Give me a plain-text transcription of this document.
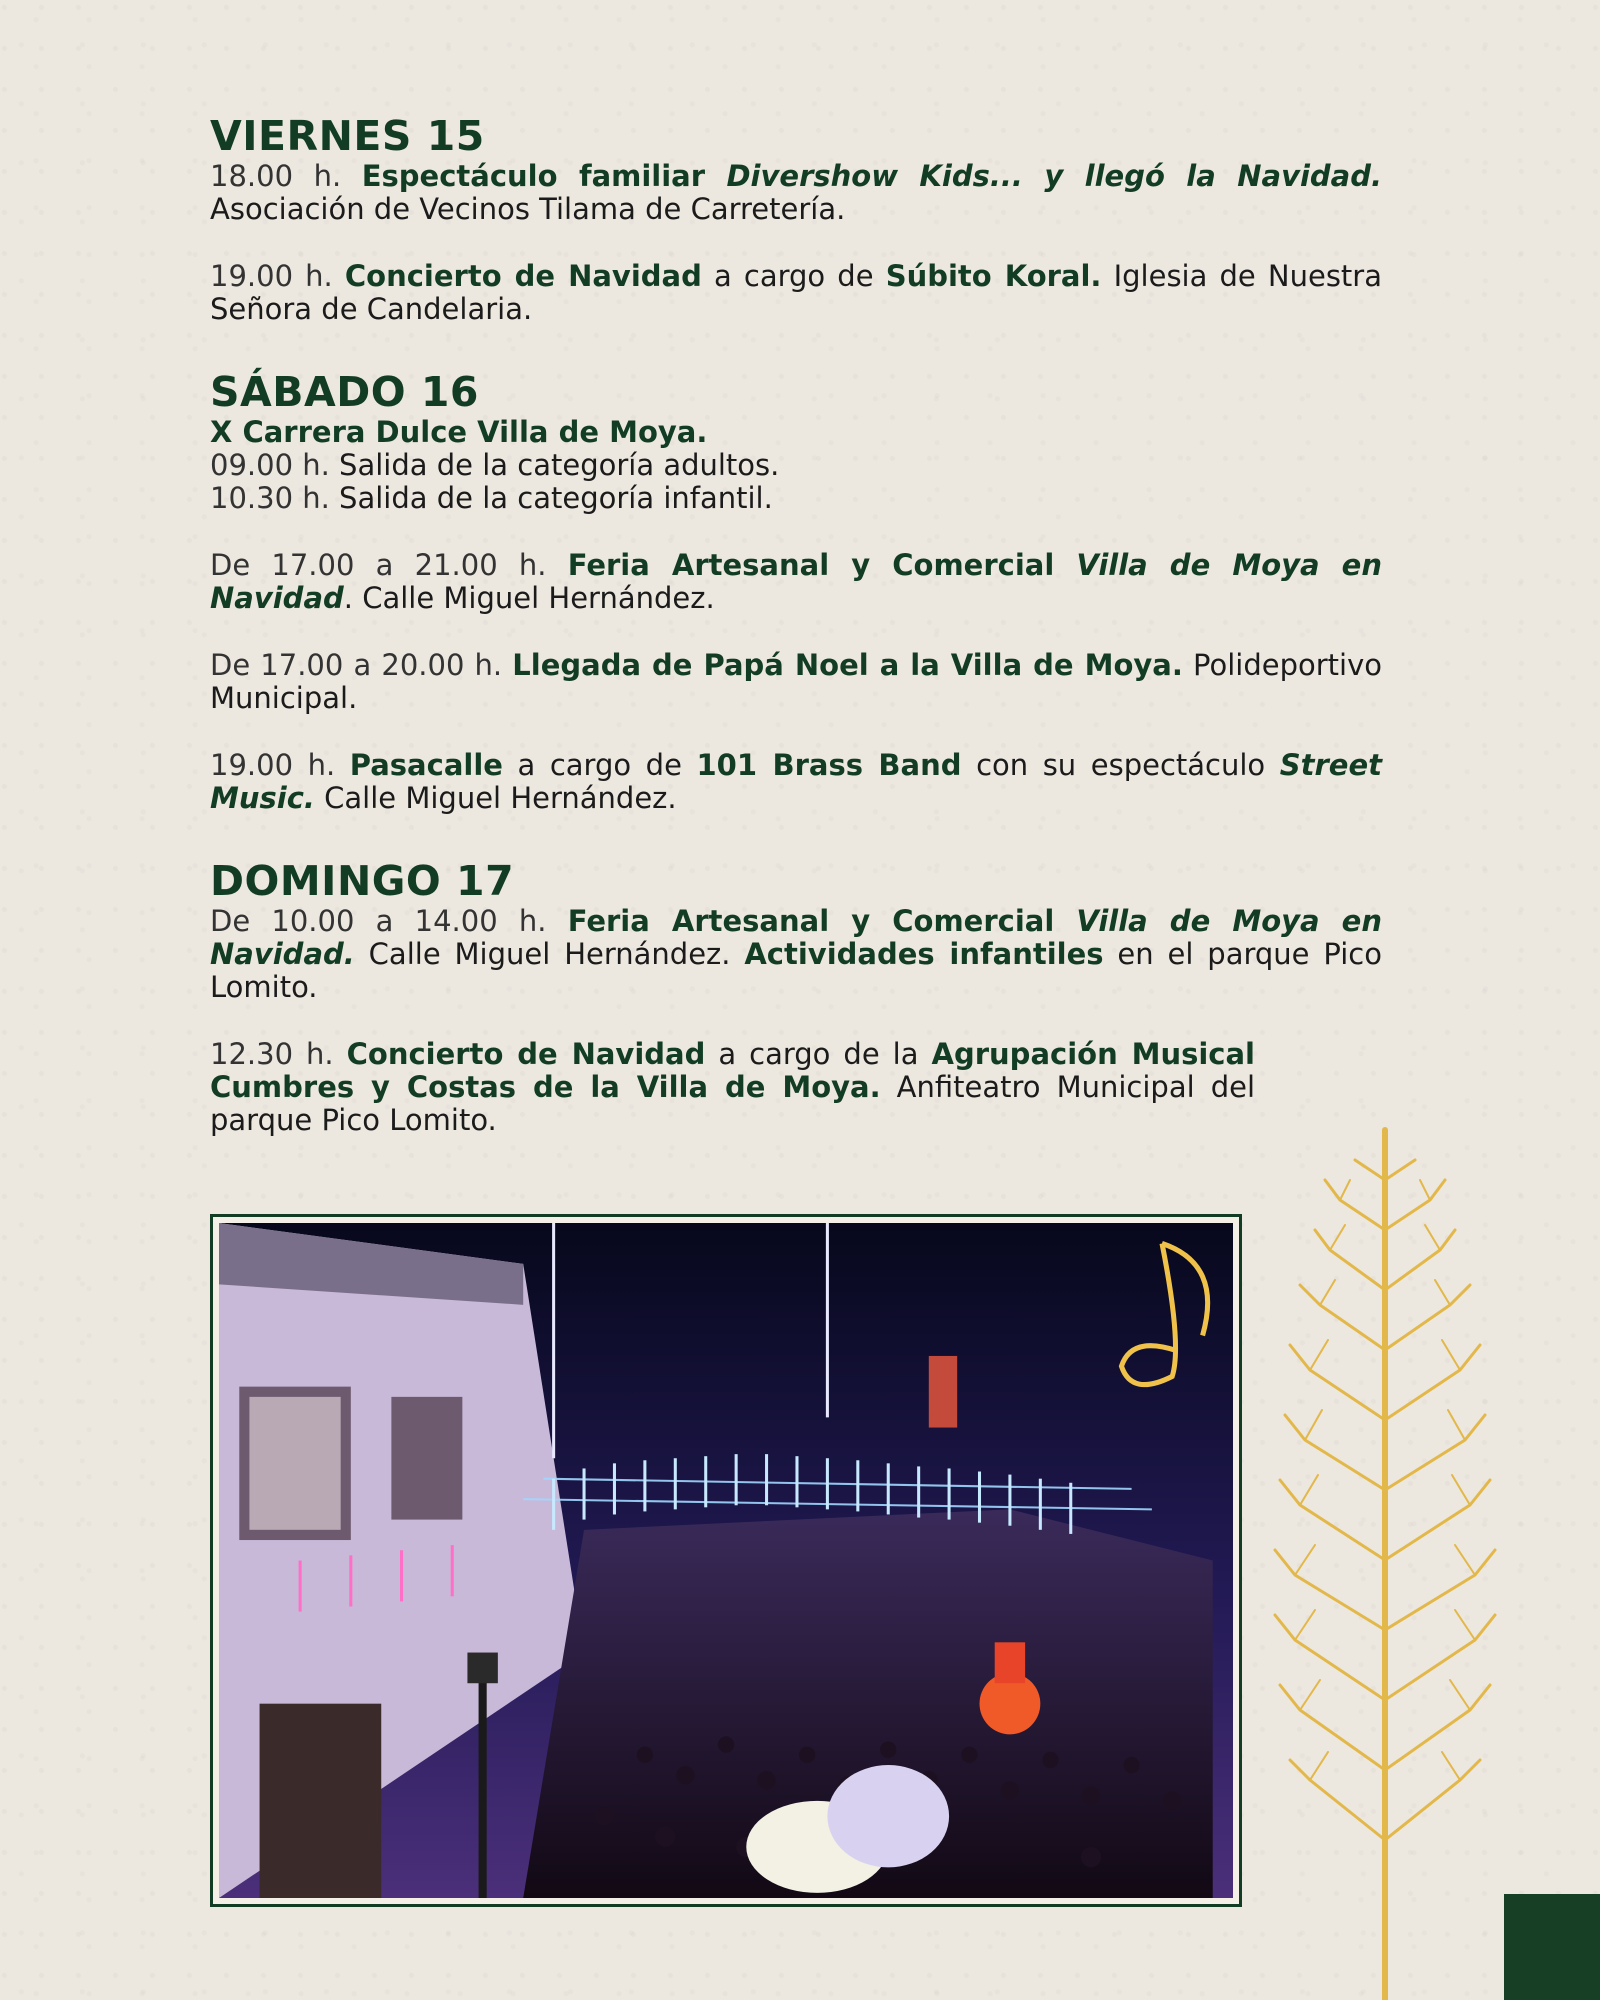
VIERNES 15

18.00 h. Espectáculo familiar Divershow Kids... y llegó la Navidad. Asociación de Vecinos Tilama de Carretería.

19.00 h. Concierto de Navidad a cargo de Súbito Koral. Iglesia de Nuestra Señora de Candelaria.

SÁBADO 16

X Carrera Dulce Villa de Moya.
09.00 h. Salida de la categoría adultos.
10.30 h. Salida de la categoría infantil.

De 17.00 a 21.00 h. Feria Artesanal y Comercial Villa de Moya en Navidad. Calle Miguel Hernández.

De 17.00 a 20.00 h. Llegada de Papá Noel a la Villa de Moya. Polideportivo Municipal.

19.00 h. Pasacalle a cargo de 101 Brass Band con su espectáculo Street Music. Calle Miguel Hernández.

DOMINGO 17

De 10.00 a 14.00 h. Feria Artesanal y Comercial Villa de Moya en Navidad. Calle Miguel Hernández. Actividades infantiles en el parque Pico Lomito.

12.30 h. Concierto de Navidad a cargo de la Agrupación Musical Cumbres y Costas de la Villa de Moya. Anfiteatro Municipal del parque Pico Lomito.
